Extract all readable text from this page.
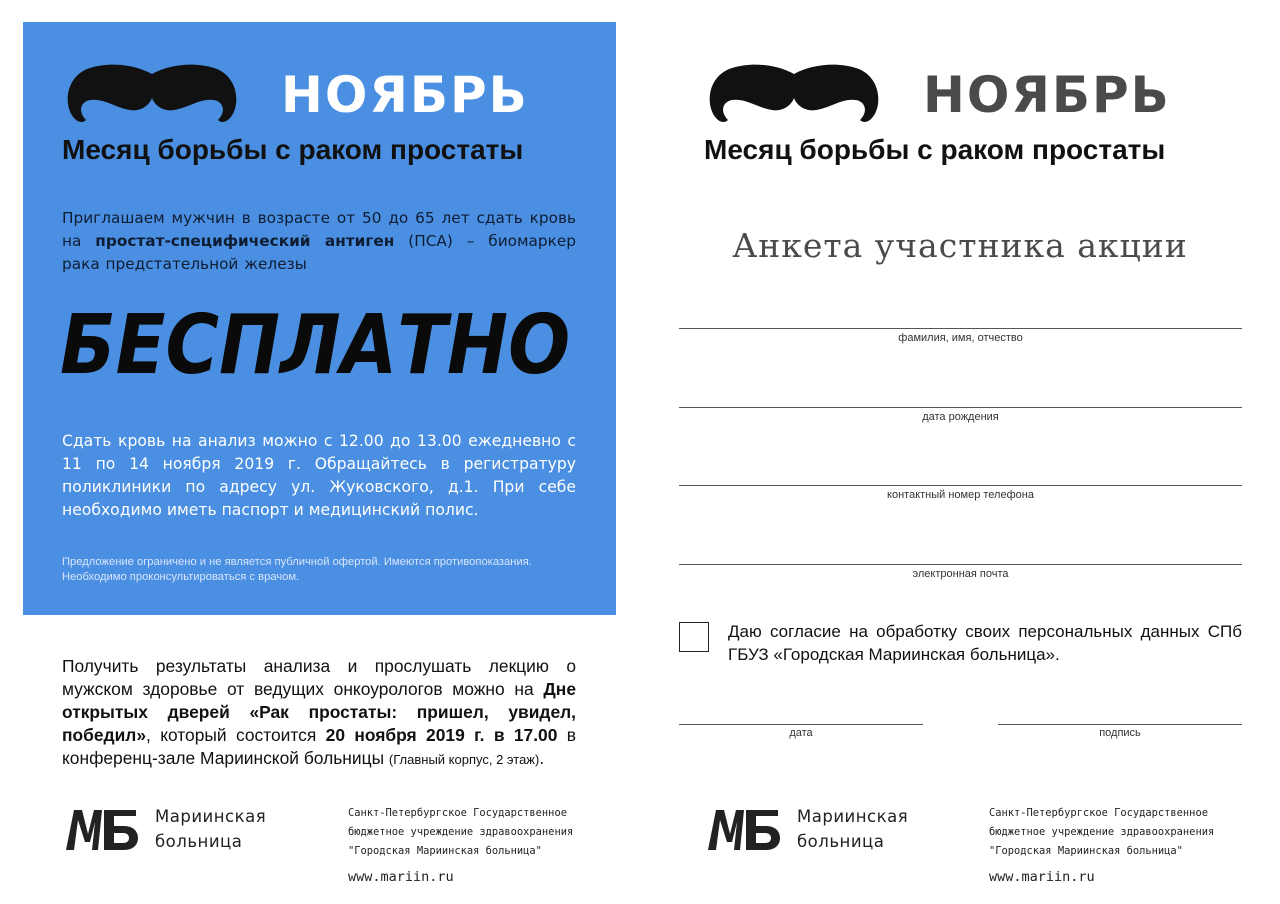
усабрь	НОЯБРЬ
Месяц борьбы с раком простаты
Приглашаем мужчин в возрасте от 50 до 65 лет сдать кровь на простат-специфический антиген (ПСА) – биомаркер рака предстательной железы
БЕСПЛАТНО
Сдать кровь на анализ можно с 12.00 до 13.00 ежедневно с 11 по 14 ноября 2019 г. Обращайтесь в регистратуру поликлиники по адресу ул. Жуковского, д.1. При себе необходимо иметь паспорт и медицинский полис.
Предложение ограничено и не является публичной офертой. Имеются противопоказания. Необходимо проконсультироваться с врачом.
Получить результаты анализа и прослушать лекцию о мужском здоровье от ведущих онкоурологов можно на Дне открытых дверей «Рак простаты: пришел, увидел, победил», который состоится 20 ноября 2019 г. в 17.00 в конференц-зале Мариинской больницы (Главный корпус, 2 этаж).
Мариинская
больница
Санкт-Петербургское Государственное
бюджетное учреждение здравоохранения
"Городская Мариинская больница"
www.mariin.ru
усабрь	НОЯБРЬ
Месяц борьбы с раком простаты
Анкета участника акции
фамилия, имя, отчество
дата рождения
контактный номер телефона
электронная почта
Даю согласие на обработку своих персональных данных СПб ГБУЗ «Городская Мариинская больница».
дата	подпись
Мариинская
больница
Санкт-Петербургское Государственное
бюджетное учреждение здравоохранения
"Городская Мариинская больница"
www.mariin.ru
